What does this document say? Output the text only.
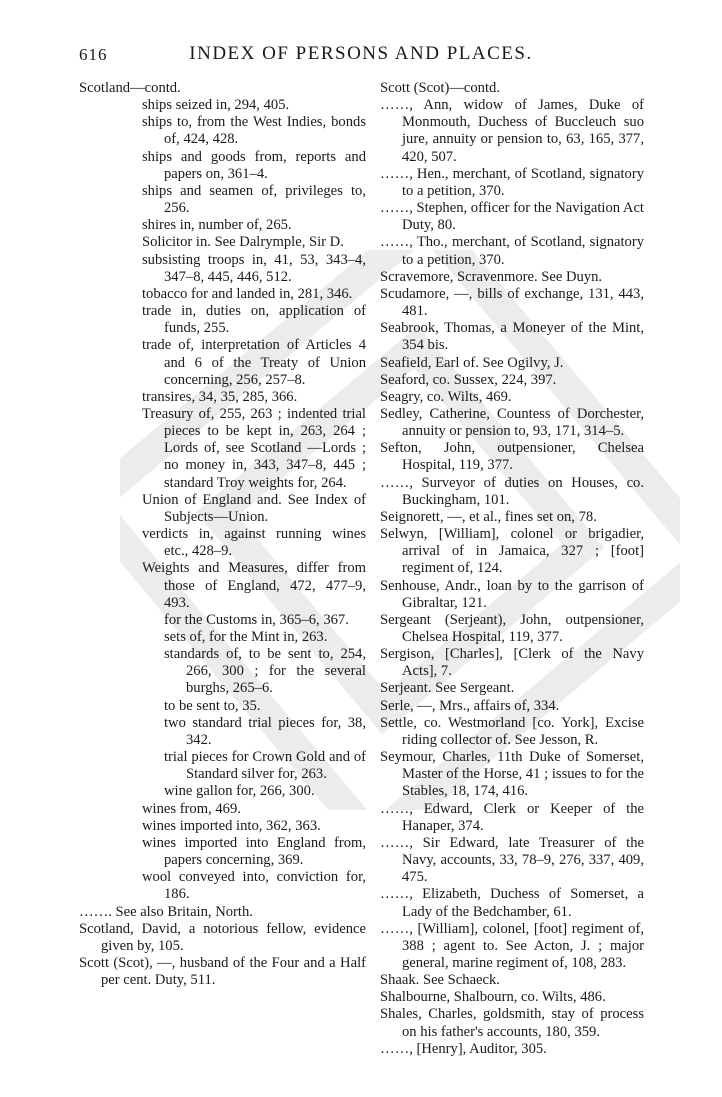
616	INDEX OF PERSONS AND PLACES.
Scotland—contd.
ships seized in, 294, 405.
ships to, from the West Indies, bonds of, 424, 428.
ships and goods from, reports and papers on, 361–4.
ships and seamen of, privileges to, 256.
shires in, number of, 265.
Solicitor in. See Dalrymple, Sir D.
subsisting troops in, 41, 53, 343–4, 347–8, 445, 446, 512.
tobacco for and landed in, 281, 346.
trade in, duties on, application of funds, 255.
trade of, interpretation of Articles 4 and 6 of the Treaty of Union concerning, 256, 257–8.
transires, 34, 35, 285, 366.
Treasury of, 255, 263 ; indented trial pieces to be kept in, 263, 264 ; Lords of, see Scotland —Lords ; no money in, 343, 347–8, 445 ; standard Troy weights for, 264.
Union of England and. See Index of Subjects—Union.
verdicts in, against running wines etc., 428–9.
Weights and Measures, differ from those of England, 472, 477–9, 493.
for the Customs in, 365–6, 367.
sets of, for the Mint in, 263.
standards of, to be sent to, 254, 266, 300 ; for the several burghs, 265–6.
to be sent to, 35.
two standard trial pieces for, 38, 342.
trial pieces for Crown Gold and of Standard silver for, 263.
wine gallon for, 266, 300.
wines from, 469.
wines imported into, 362, 363.
wines imported into England from, papers concerning, 369.
wool conveyed into, conviction for, 186.
……. See also Britain, North.
Scotland, David, a notorious fellow, evidence given by, 105.
Scott (Scot), —, husband of the Four and a Half per cent. Duty, 511.
Scott (Scot)—contd.
……, Ann, widow of James, Duke of Monmouth, Duchess of Buccleuch suo jure, annuity or pension to, 63, 165, 377, 420, 507.
……, Hen., merchant, of Scotland, signatory to a petition, 370.
……, Stephen, officer for the Navigation Act Duty, 80.
……, Tho., merchant, of Scotland, signatory to a petition, 370.
Scravemore, Scravenmore. See Duyn.
Scudamore, —, bills of exchange, 131, 443, 481.
Seabrook, Thomas, a Moneyer of the Mint, 354 bis.
Seafield, Earl of. See Ogilvy, J.
Seaford, co. Sussex, 224, 397.
Seagry, co. Wilts, 469.
Sedley, Catherine, Countess of Dorchester, annuity or pension to, 93, 171, 314–5.
Sefton, John, outpensioner, Chelsea Hospital, 119, 377.
……, Surveyor of duties on Houses, co. Buckingham, 101.
Seignorett, —, et al., fines set on, 78.
Selwyn, [William], colonel or brigadier, arrival of in Jamaica, 327 ; [foot] regiment of, 124.
Senhouse, Andr., loan by to the garrison of Gibraltar, 121.
Sergeant (Serjeant), John, outpensioner, Chelsea Hospital, 119, 377.
Sergison, [Charles], [Clerk of the Navy Acts], 7.
Serjeant. See Sergeant.
Serle, —, Mrs., affairs of, 334.
Settle, co. Westmorland [co. York], Excise riding collector of. See Jesson, R.
Seymour, Charles, 11th Duke of Somerset, Master of the Horse, 41 ; issues to for the Stables, 18, 174, 416.
……, Edward, Clerk or Keeper of the Hanaper, 374.
……, Sir Edward, late Treasurer of the Navy, accounts, 33, 78–9, 276, 337, 409, 475.
……, Elizabeth, Duchess of Somerset, a Lady of the Bedchamber, 61.
……, [William], colonel, [foot] regiment of, 388 ; agent to. See Acton, J. ; major general, marine regiment of, 108, 283.
Shaak. See Schaeck.
Shalbourne, Shalbourn, co. Wilts, 486.
Shales, Charles, goldsmith, stay of process on his father's accounts, 180, 359.
……, [Henry], Auditor, 305.
